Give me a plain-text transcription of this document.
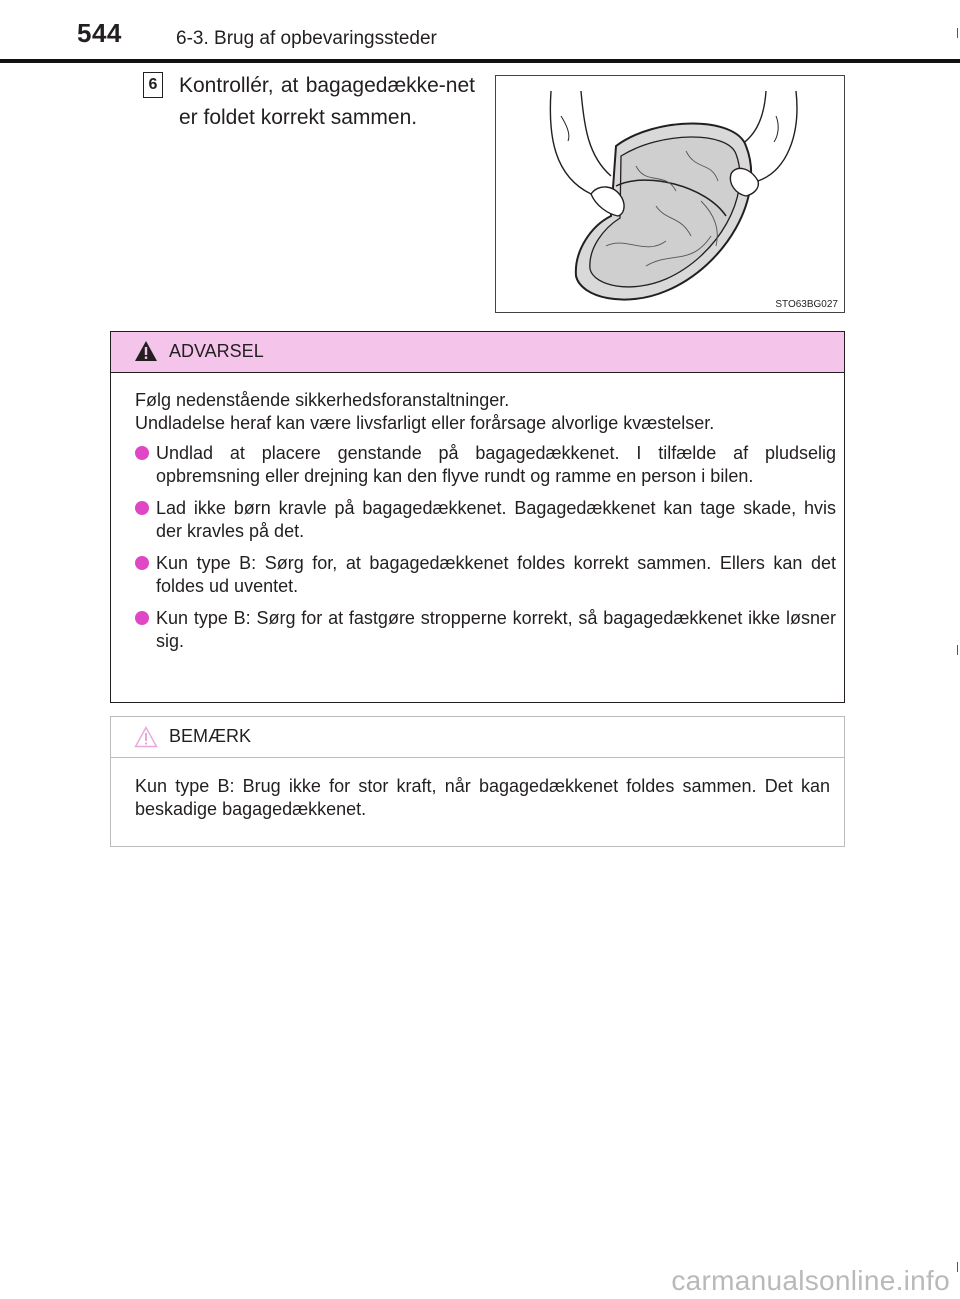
544	6-3. Brug af opbevaringssteder
6 Kontrollér, at bagagedække-net er foldet korrekt sammen.
STO63BG027
ADVARSEL

Følg nedenstående sikkerhedsforanstaltninger.

Undladelse heraf kan være livsfarligt eller forårsage alvorlige kvæstelser.

Undlad at placere genstande på bagagedækkenet. I tilfælde af pludselig opbremsning eller drejning kan den flyve rundt og ramme en person i bilen.
Lad ikke børn kravle på bagagedækkenet. Bagagedækkenet kan tage skade, hvis der kravles på det.
Kun type B: Sørg for, at bagagedækkenet foldes korrekt sammen. Ellers kan det foldes ud uventet.
Kun type B: Sørg for at fastgøre stropperne korrekt, så bagagedækkenet ikke løsner sig.
BEMÆRK
Kun type B: Brug ikke for stor kraft, når bagagedækkenet foldes sammen. Det kan beskadige bagagedækkenet.
carmanualsonline.info
